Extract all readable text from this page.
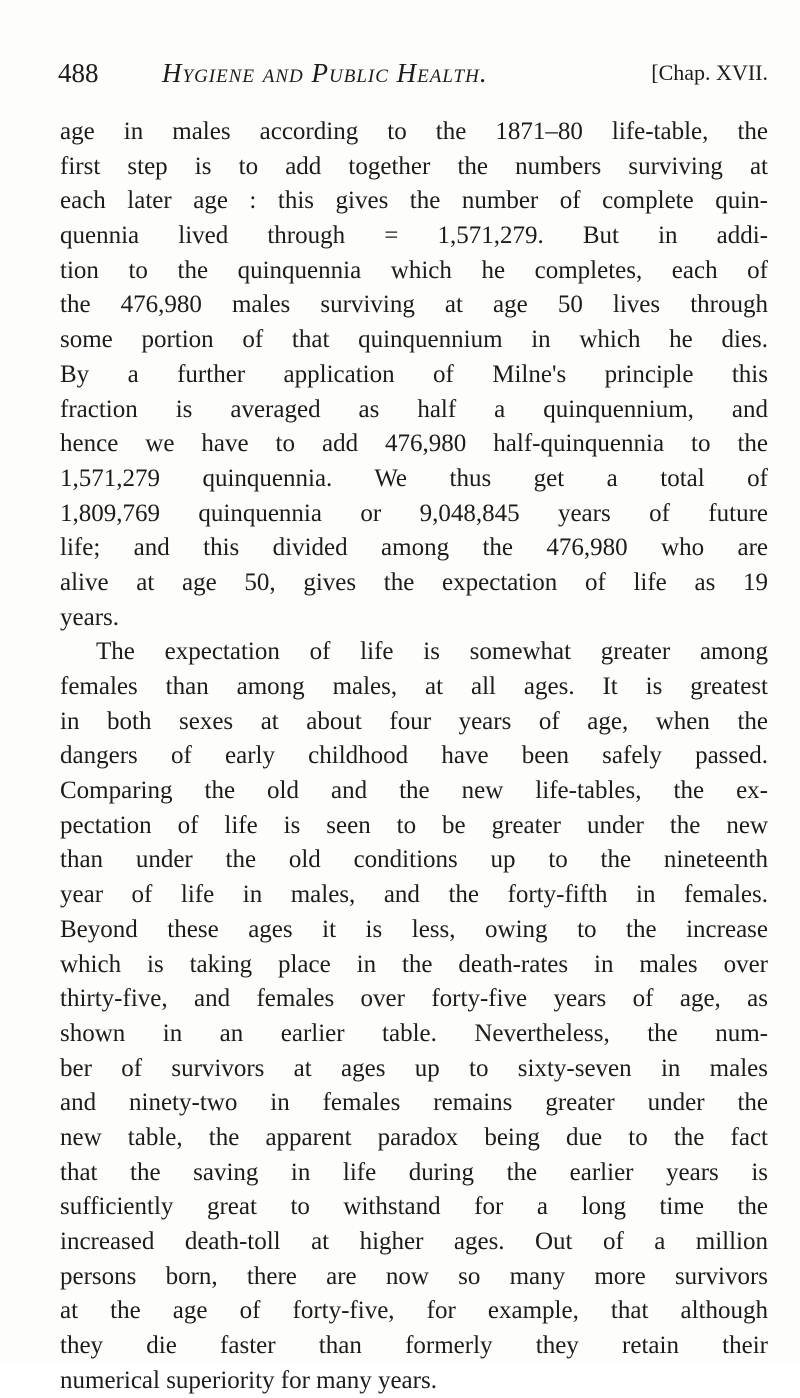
488 Hygiene and Public Health.	[Chap. XVII.
age in males according to the 1871–80 life-table, the
first step is to add together the numbers surviving at
each later age : this gives the number of complete quin-
quennia lived through = 1,571,279. But in addi-
tion to the quinquennia which he completes, each of
the 476,980 males surviving at age 50 lives through
some portion of that quinquennium in which he dies.
By a further application of Milne's principle this
fraction is averaged as half a quinquennium, and
hence we have to add 476,980 half-quinquennia to the
1,571,279 quinquennia. We thus get a total of
1,809,769 quinquennia or 9,048,845 years of future
life; and this divided among the 476,980 who are
alive at age 50, gives the expectation of life as 19
years.
The expectation of life is somewhat greater among
females than among males, at all ages. It is greatest
in both sexes at about four years of age, when the
dangers of early childhood have been safely passed.
Comparing the old and the new life-tables, the ex-
pectation of life is seen to be greater under the new
than under the old conditions up to the nineteenth
year of life in males, and the forty-fifth in females.
Beyond these ages it is less, owing to the increase
which is taking place in the death-rates in males over
thirty-five, and females over forty-five years of age, as
shown in an earlier table. Nevertheless, the num-
ber of survivors at ages up to sixty-seven in males
and ninety-two in females remains greater under the
new table, the apparent paradox being due to the fact
that the saving in life during the earlier years is
sufficiently great to withstand for a long time the
increased death-toll at higher ages. Out of a million
persons born, there are now so many more survivors
at the age of forty-five, for example, that although
they die faster than formerly they retain their
numerical superiority for many years.
